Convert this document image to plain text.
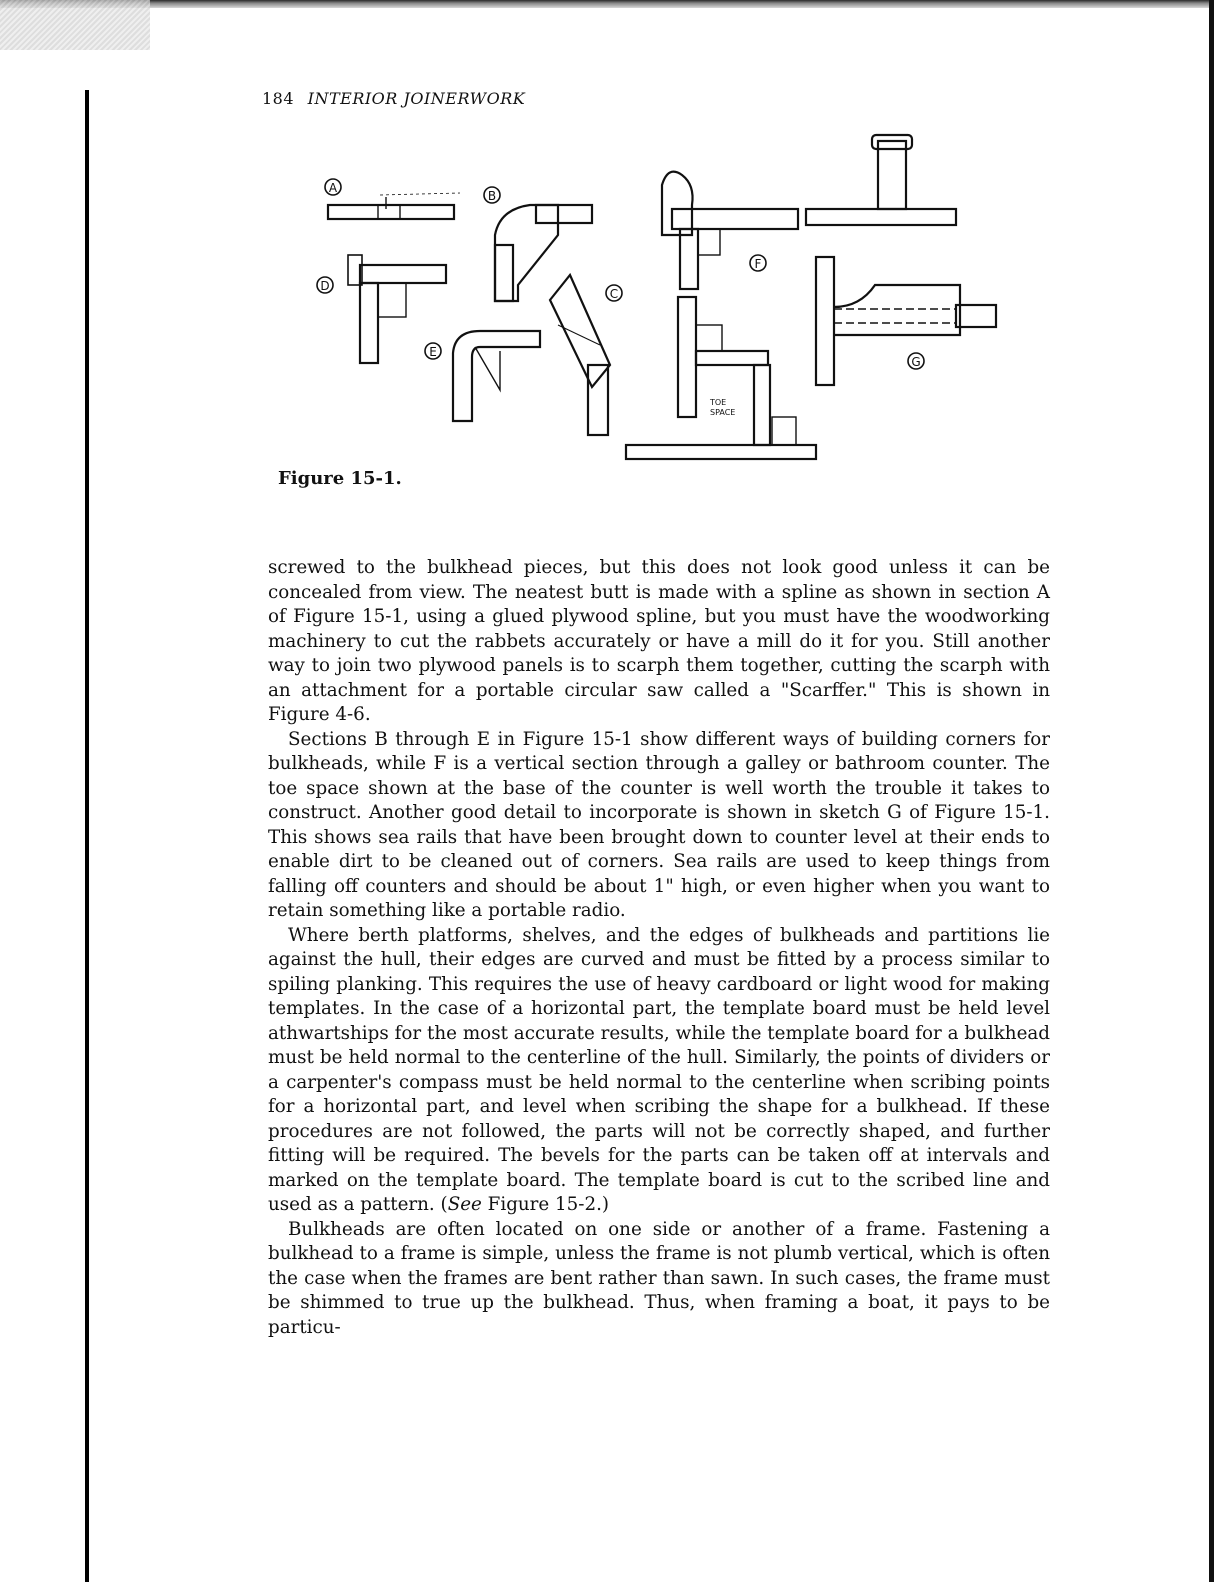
184 INTERIOR JOINERWORK
A
B
C
D
E
F
TOE
SPACE
G
Figure 15-1.

screwed to the bulkhead pieces, but this does not look good unless it can be concealed from view. The neatest butt is made with a spline as shown in section A of Figure 15-1, using a glued plywood spline, but you must have the woodworking machinery to cut the rabbets accurately or have a mill do it for you. Still another way to join two plywood panels is to scarph them together, cutting the scarph with an attachment for a portable circular saw called a "Scarffer." This is shown in Figure 4-6.

Sections B through E in Figure 15-1 show different ways of building corners for bulkheads, while F is a vertical section through a galley or bathroom counter. The toe space shown at the base of the counter is well worth the trouble it takes to construct. Another good detail to incorporate is shown in sketch G of Figure 15-1. This shows sea rails that have been brought down to counter level at their ends to enable dirt to be cleaned out of corners. Sea rails are used to keep things from falling off counters and should be about 1" high, or even higher when you want to retain something like a portable radio.

Where berth platforms, shelves, and the edges of bulkheads and partitions lie against the hull, their edges are curved and must be fitted by a process similar to spiling planking. This requires the use of heavy cardboard or light wood for making templates. In the case of a horizontal part, the template board must be held level athwartships for the most accurate results, while the template board for a bulkhead must be held normal to the centerline of the hull. Similarly, the points of dividers or a carpenter's compass must be held normal to the centerline when scribing points for a horizontal part, and level when scribing the shape for a bulkhead. If these procedures are not followed, the parts will not be correctly shaped, and further fitting will be required. The bevels for the parts can be taken off at intervals and marked on the template board. The template board is cut to the scribed line and used as a pattern. (See Figure 15-2.)

Bulkheads are often located on one side or another of a frame. Fastening a bulkhead to a frame is simple, unless the frame is not plumb vertical, which is often the case when the frames are bent rather than sawn. In such cases, the frame must be shimmed to true up the bulkhead. Thus, when framing a boat, it pays to be particu-
